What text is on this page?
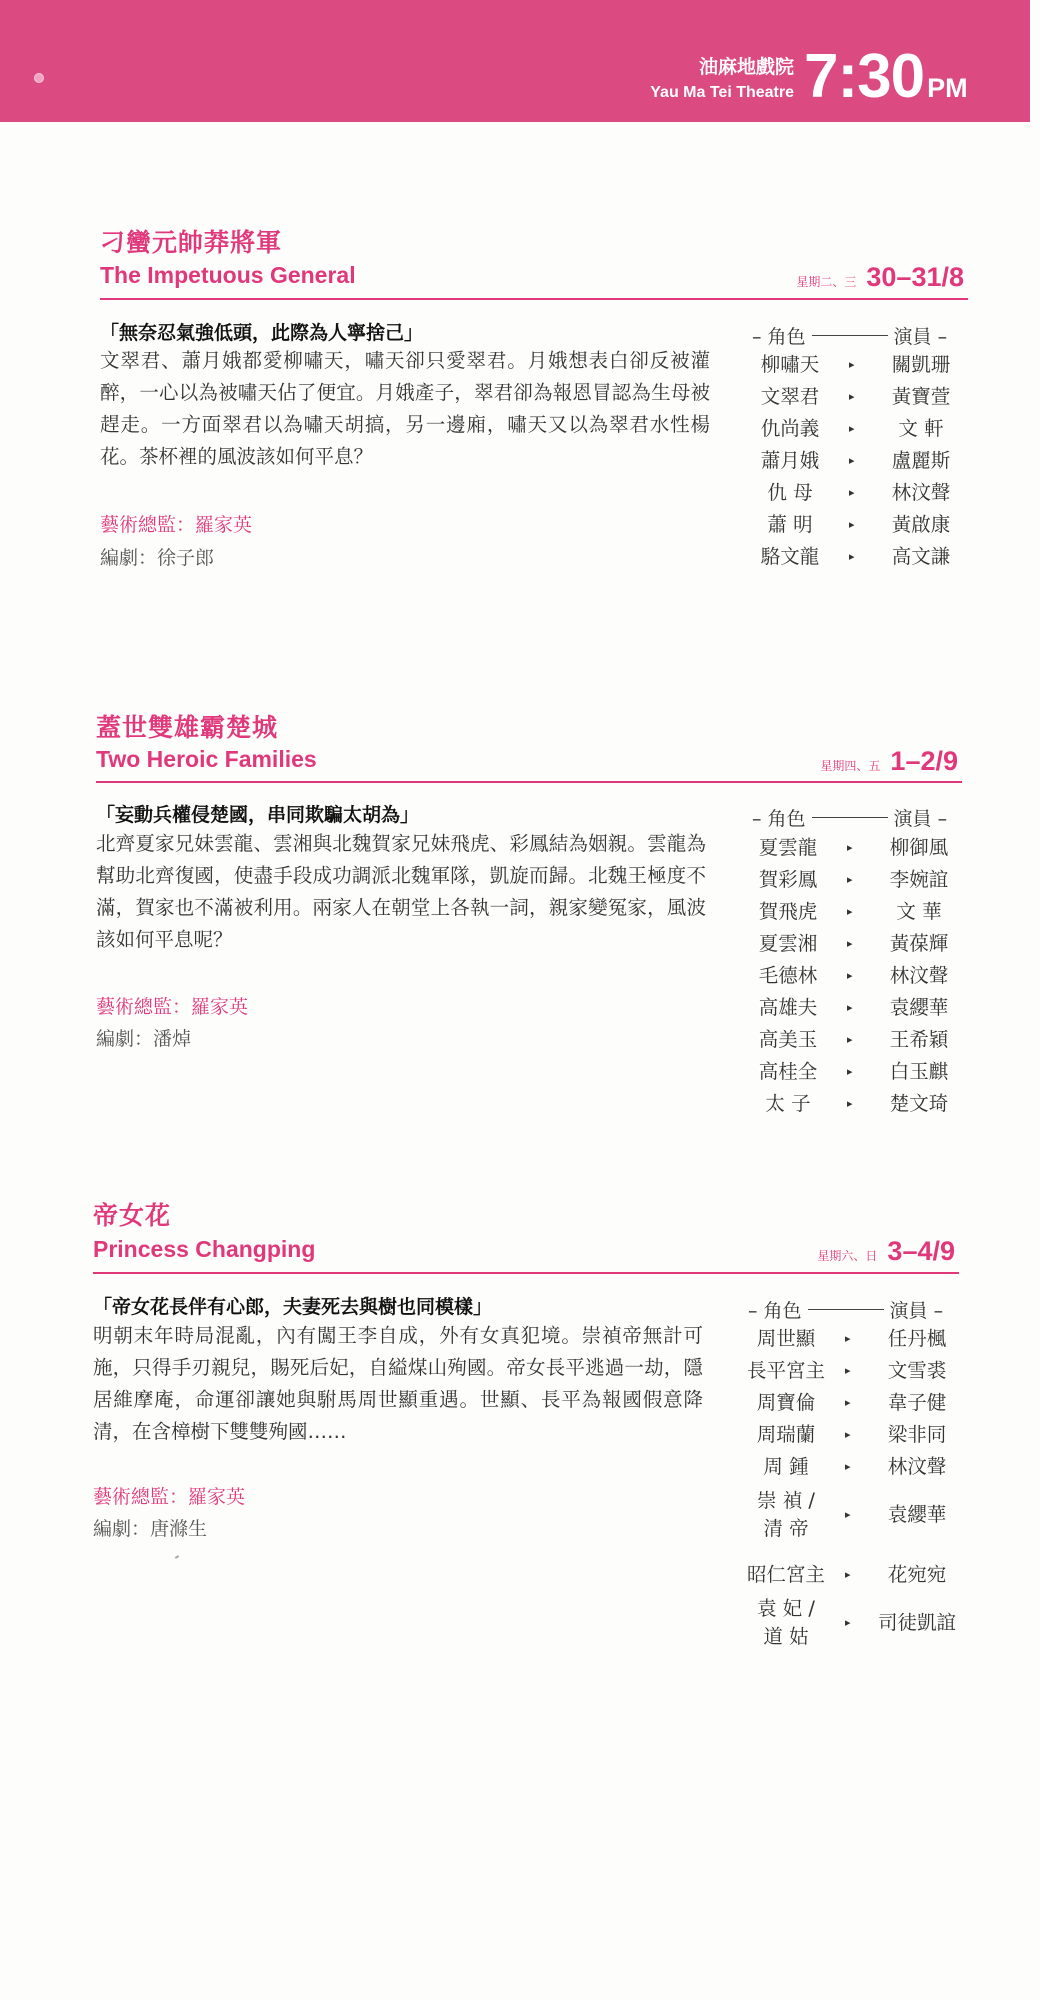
油麻地戲院
Yau Ma Tei Theatre 7:30 PM
刁蠻元帥莽將軍
The Impetuous General	星期二、三 30–31/8
「無奈忍氣強低頭，此際為人寧捨己」

文翠君、蕭月娥都愛柳嘯天，嘯天卻只愛翠君。月娥想表白卻反被灌醉，一心以為被嘯天佔了便宜。月娥產子，翠君卻為報恩冒認為生母被趕走。一方面翠君以為嘯天胡搞，另一邊廂，嘯天又以為翠君水性楊花。茶杯裡的風波該如何平息？

藝術總監：羅家英
編劇：徐子郎
– 角色	演員 –
柳嘯天	▸	關凱珊
文翠君	▸	黃寶萱
仇尚義	▸	文 軒
蕭月娥	▸	盧麗斯
仇 母	▸	林汶聲
蕭 明	▸	黃啟康
駱文龍	▸	高文謙
蓋世雙雄霸楚城
Two Heroic Families	星期四、五 1–2/9
「妄動兵權侵楚國，串同欺騙太胡為」

北齊夏家兄妹雲龍、雲湘與北魏賀家兄妹飛虎、彩鳳結為姻親。雲龍為幫助北齊復國，使盡手段成功調派北魏軍隊，凱旋而歸。北魏王極度不滿，賀家也不滿被利用。兩家人在朝堂上各執一詞，親家變冤家，風波該如何平息呢？

藝術總監：羅家英
編劇：潘焯
– 角色	演員 –
夏雲龍	▸	柳御風
賀彩鳳	▸	李婉誼
賀飛虎	▸	文 華
夏雲湘	▸	黃葆輝
毛德林	▸	林汶聲
高雄夫	▸	袁纓華
高美玉	▸	王希穎
高桂全	▸	白玉麒
太 子	▸	楚文琦
帝女花
Princess Changping	星期六、日 3–4/9
「帝女花長伴有心郎，夫妻死去與樹也同模樣」

明朝末年時局混亂，內有闖王李自成，外有女真犯境。崇禎帝無計可施，只得手刃親兒，賜死后妃，自縊煤山殉國。帝女長平逃過一劫，隱居維摩庵，命運卻讓她與駙馬周世顯重遇。世顯、長平為報國假意降清，在含樟樹下雙雙殉國……

藝術總監：羅家英
編劇：唐滌生
– 角色	演員 –
周世顯	▸	任丹楓
長平宮主	▸	文雪裘
周寶倫	▸	韋子健
周瑞蘭	▸	梁非同
周 鍾	▸	林汶聲
崇 禎 /
清 帝
▸	袁纓華
昭仁宮主	▸	花宛宛
袁 妃 /
道 姑
▸	司徒凱誼
